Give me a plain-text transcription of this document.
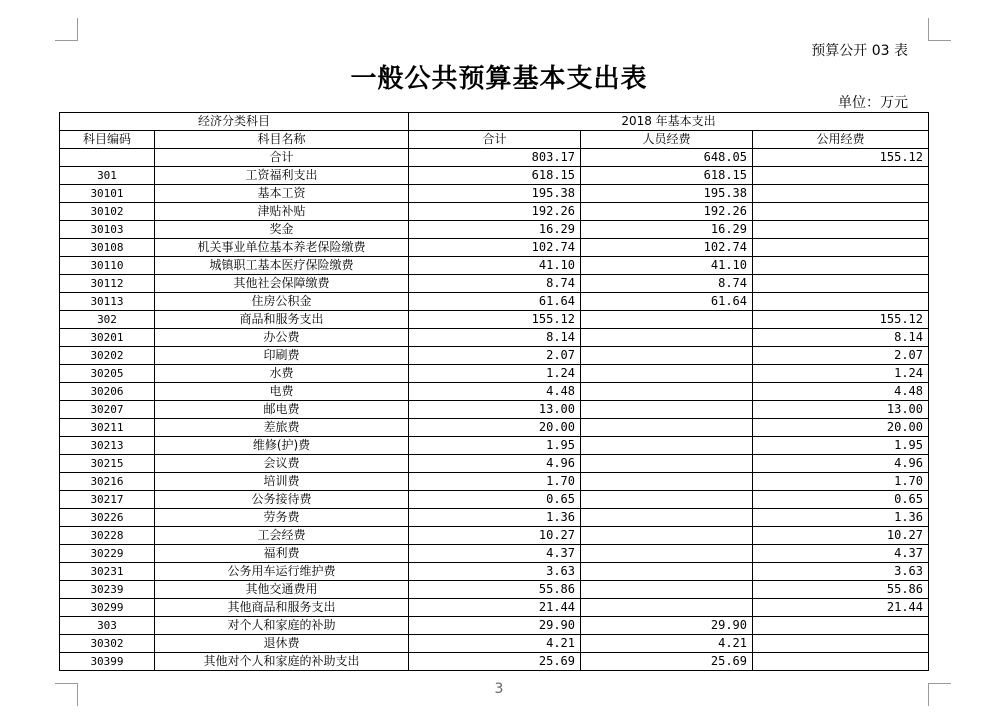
预算公开 03 表
一般公共预算基本支出表
单位：万元
经济分类科目		2018 年基本支出		
科目编码	科目名称	合计	人员经费	公用经费
	合计	803.17	648.05	155.12
301	工资福利支出	618.15	618.15	
30101	基本工资	195.38	195.38	
30102	津贴补贴	192.26	192.26	
30103	奖金	16.29	16.29	
30108	机关事业单位基本养老保险缴费	102.74	102.74	
30110	城镇职工基本医疗保险缴费	41.10	41.10	
30112	其他社会保障缴费	8.74	8.74	
30113	住房公积金	61.64	61.64	
302	商品和服务支出	155.12		155.12
30201	办公费	8.14		8.14
30202	印刷费	2.07		2.07
30205	水费	1.24		1.24
30206	电费	4.48		4.48
30207	邮电费	13.00		13.00
30211	差旅费	20.00		20.00
30213	维修(护)费	1.95		1.95
30215	会议费	4.96		4.96
30216	培训费	1.70		1.70
30217	公务接待费	0.65		0.65
30226	劳务费	1.36		1.36
30228	工会经费	10.27		10.27
30229	福利费	4.37		4.37
30231	公务用车运行维护费	3.63		3.63
30239	其他交通费用	55.86		55.86
30299	其他商品和服务支出	21.44		21.44
303	对个人和家庭的补助	29.90	29.90	
30302	退休费	4.21	4.21	
30399	其他对个人和家庭的补助支出	25.69	25.69	
3
